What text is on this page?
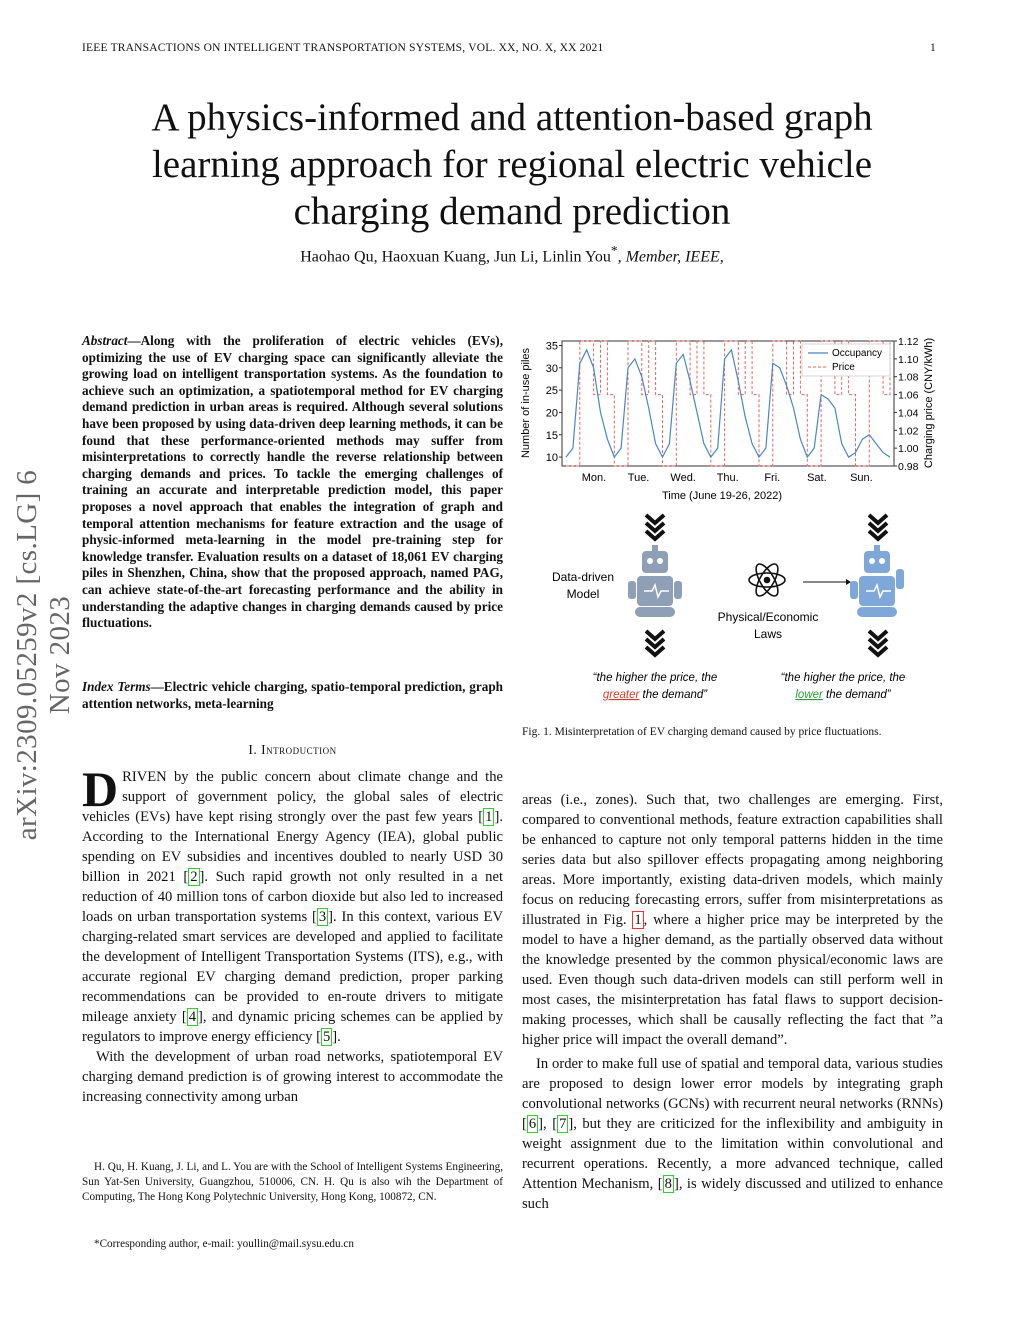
IEEE TRANSACTIONS ON INTELLIGENT TRANSPORTATION SYSTEMS, VOL. XX, NO. X, XX 2021	1
A physics-informed and attention-based graph learning approach for regional electric vehicle charging demand prediction
Haohao Qu, Haoxuan Kuang, Jun Li, Linlin You*, Member, IEEE,
arXiv:2309.05259v2 [cs.LG] 6 Nov 2023
Abstract—Along with the proliferation of electric vehicles (EVs), optimizing the use of EV charging space can significantly alleviate the growing load on intelligent transportation systems. As the foundation to achieve such an optimization, a spatiotemporal method for EV charging demand prediction in urban areas is required. Although several solutions have been proposed by using data-driven deep learning methods, it can be found that these performance-oriented methods may suffer from misinterpretations to correctly handle the reverse relationship between charging demands and prices. To tackle the emerging challenges of training an accurate and interpretable prediction model, this paper proposes a novel approach that enables the integration of graph and temporal attention mechanisms for feature extraction and the usage of physic-informed meta-learning in the model pre-training step for knowledge transfer. Evaluation results on a dataset of 18,061 EV charging piles in Shenzhen, China, show that the proposed approach, named PAG, can achieve state-of-the-art forecasting performance and the ability in understanding the adaptive changes in charging demands caused by price fluctuations.
Index Terms—Electric vehicle charging, spatio-temporal prediction, graph attention networks, meta-learning
I. Introduction

DRIVEN by the public concern about climate change and the support of government policy, the global sales of electric vehicles (EVs) have kept rising strongly over the past few years [ 1 ]. According to the International Energy Agency (IEA), global public spending on EV subsidies and incentives doubled to nearly USD 30 billion in 2021 [ 2 ]. Such rapid growth not only resulted in a net reduction of 40 million tons of carbon dioxide but also led to increased loads on urban transportation systems [ 3 ]. In this context, various EV charging-related smart services are developed and applied to facilitate the development of Intelligent Transportation Systems (ITS), e.g., with accurate regional EV charging demand prediction, proper parking recommendations can be provided to en-route drivers to mitigate mileage anxiety [ 4 ], and dynamic pricing schemes can be applied by regulators to improve energy efficiency [ 5 ].

With the development of urban road networks, spatiotemporal EV charging demand prediction is of growing interest to accommodate the increasing connectivity among urban

H. Qu, H. Kuang, J. Li, and L. You are with the School of Intelligent Systems Engineering, Sun Yat-Sen University, Guangzhou, 510006, CN. H. Qu is also wih the Department of Computing, The Hong Kong Polytechnic University, Hong Kong, 100872, CN.
*Corresponding author, e-mail: youllin@mail.sysu.edu.cn
35
30
25
20
15
10
1.12
1.10
1.08
1.06
1.04
1.02
1.00
0.98
Mon. Tue. Wed. Thu. Fri. Sat. Sun.
Number of in-use piles	Charging price (CNY/kWh)
Time (June 19-26, 2022)
Occupancy
Price
Data-driven
Model
Physical/Economic
Laws
“the higher the price, the
greater the demand”
“the higher the price, the
lower the demand”
Fig. 1. Misinterpretation of EV charging demand caused by price fluctuations.

areas (i.e., zones). Such that, two challenges are emerging. First, compared to conventional methods, feature extraction capabilities shall be enhanced to capture not only temporal patterns hidden in the time series data but also spillover effects propagating among neighboring areas. More importantly, existing data-driven models, which mainly focus on reducing forecasting errors, suffer from misinterpretations as illustrated in Fig. 1 , where a higher price may be interpreted by the model to have a higher demand, as the partially observed data without the knowledge presented by the common physical/economic laws are used. Even though such data-driven models can still perform well in most cases, the misinterpretation has fatal flaws to support decision-making processes, which shall be causally reflecting the fact that ”a higher price will impact the overall demand”.

In order to make full use of spatial and temporal data, various studies are proposed to design lower error models by integrating graph convolutional networks (GCNs) with recurrent neural networks (RNNs) [ 6 ], [ 7 ], but they are criticized for the inflexibility and ambiguity in weight assignment due to the limitation within convolutional and recurrent operations. Recently, a more advanced technique, called Attention Mechanism, [ 8 ], is widely discussed and utilized to enhance such
